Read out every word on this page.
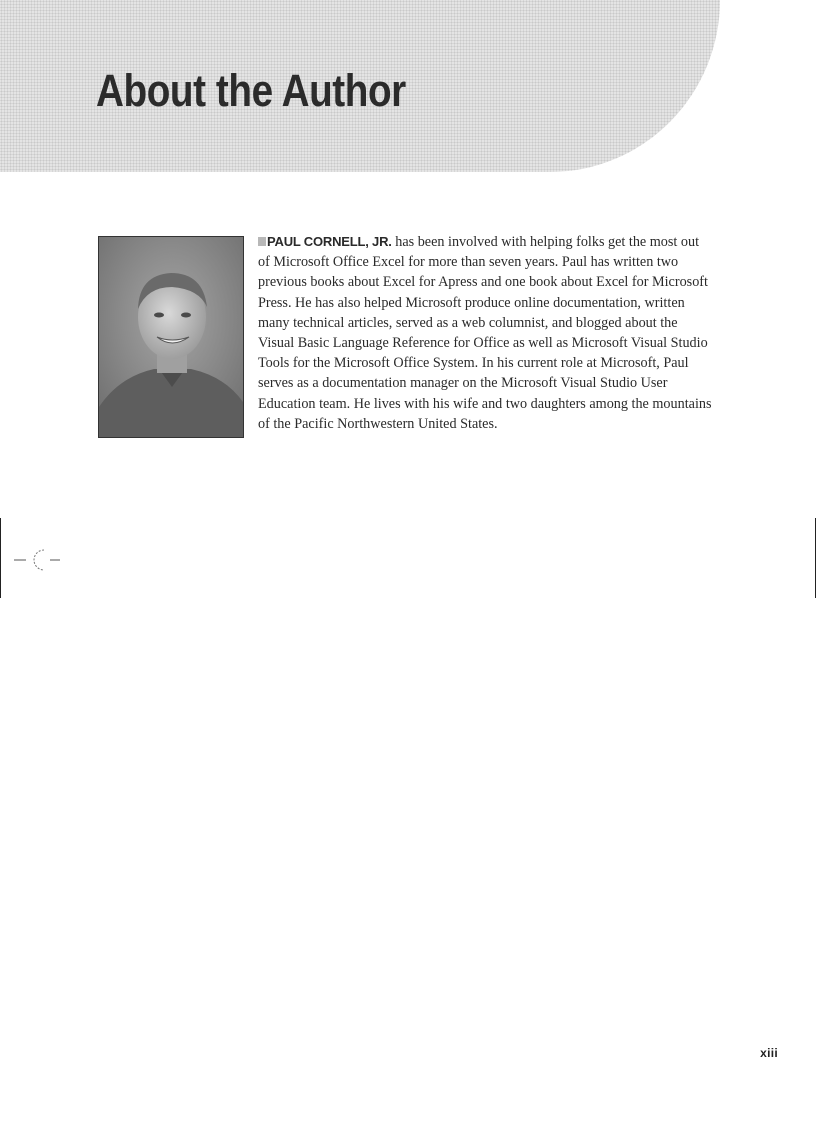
About the Author

PAUL CORNELL, JR. has been involved with helping folks get the most out of Microsoft Office Excel for more than seven years. Paul has written two previous books about Excel for Apress and one book about Excel for Microsoft Press. He has also helped Microsoft produce online documentation, written many technical articles, served as a web columnist, and blogged about the Visual Basic Language Reference for Office as well as Microsoft Visual Studio Tools for the Microsoft Office System. In his current role at Microsoft, Paul serves as a documentation manager on the Microsoft Visual Studio User Education team. He lives with his wife and two daughters among the mountains of the Pacific Northwestern United States.

xiii
